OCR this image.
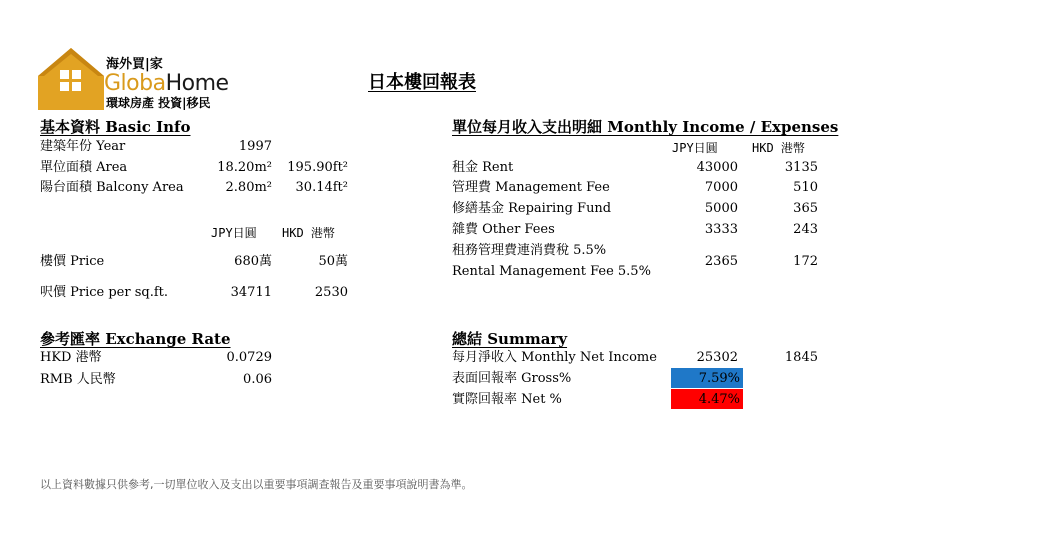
海外買|家
GlobaHome
環球房產 投資|移民
日本樓回報表
基本資料 Basic Info
建築年份 Year	1997
單位面積 Area	18.20m²	195.90ft²
陽台面積 Balcony Area	2.80m²	30.14ft²
JPY日圓 HKD 港幣
樓價 Price	680萬	50萬
呎價 Price per sq.ft.	34711	2530
參考匯率 Exchange Rate
HKD 港幣	0.0729
RMB 人民幣	0.06
單位每月收入支出明細 Monthly Income / Expenses
JPY日圓	HKD 港幣
租金 Rent	43000	3135
管理費 Management Fee	7000	510
修繕基金 Repairing Fund	5000	365
雜費 Other Fees	3333	243
租務管理費連消費稅 5.5%
Rental Management Fee 5.5%
2365	172
總結 Summary
每月淨收入 Monthly Net Income	25302	1845
表面回報率 Gross%	7.59%
實際回報率 Net %	4.47%
以上資料數據只供參考,一切單位收入及支出以重要事項調查報告及重要事項說明書為準。
